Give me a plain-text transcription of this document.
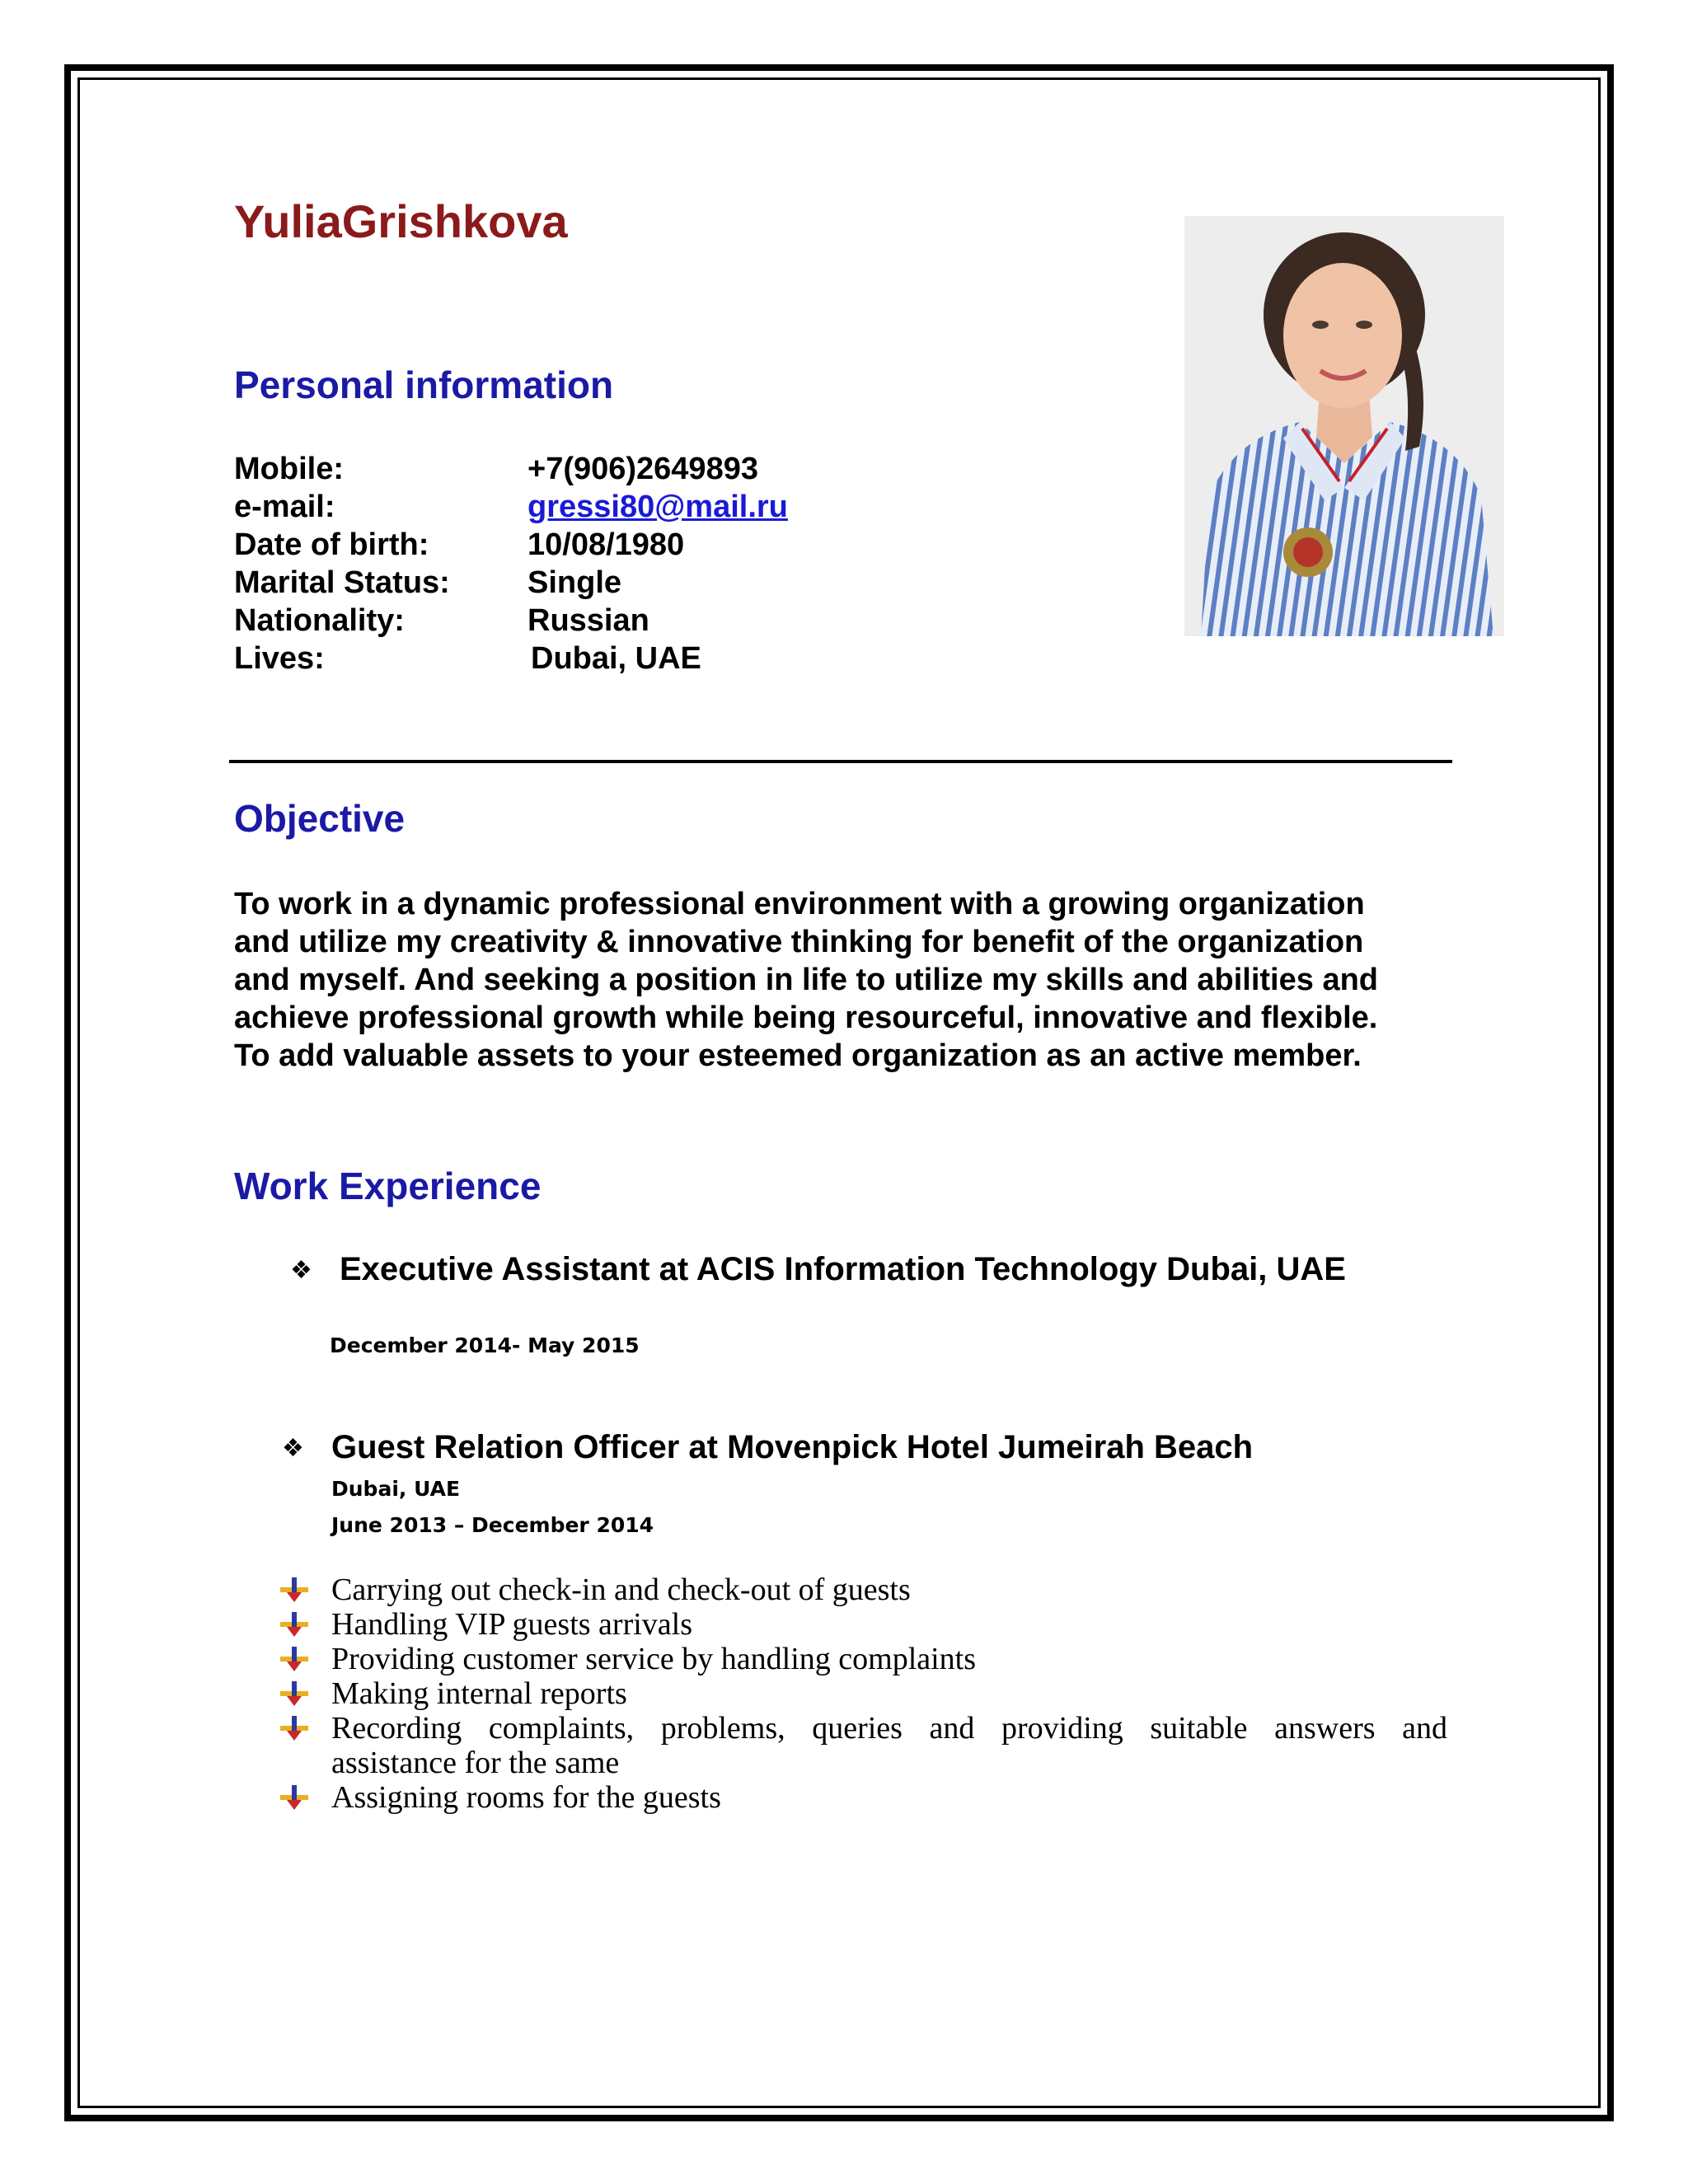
YuliaGrishkova
Personal information
Mobile:	+7(906)2649893
e-mail:	gressi80@mail.ru
Date of birth:	10/08/1980
Marital Status: Single
Nationality:	Russian
Lives:	Dubai, UAE
Objective
To work in a dynamic professional environment with a growing organization
and utilize my creativity & innovative thinking for benefit of the organization
and myself. And seeking a position in life to utilize my skills and abilities and
achieve professional growth while being resourceful, innovative and flexible.
To add valuable assets to your esteemed organization as an active member.
Work Experience
❖ Executive Assistant at ACIS Information Technology Dubai, UAE
December 2014- May 2015
❖ Guest Relation Officer at Movenpick Hotel Jumeirah Beach
Dubai, UAE
June 2013 – December 2014
Carrying out check-in and check-out of guests
Handling VIP guests arrivals
Providing customer service by handling complaints
Making internal reports
Recording complaints, problems, queries and providing suitable answers and
assistance for the same
Assigning rooms for the guests
